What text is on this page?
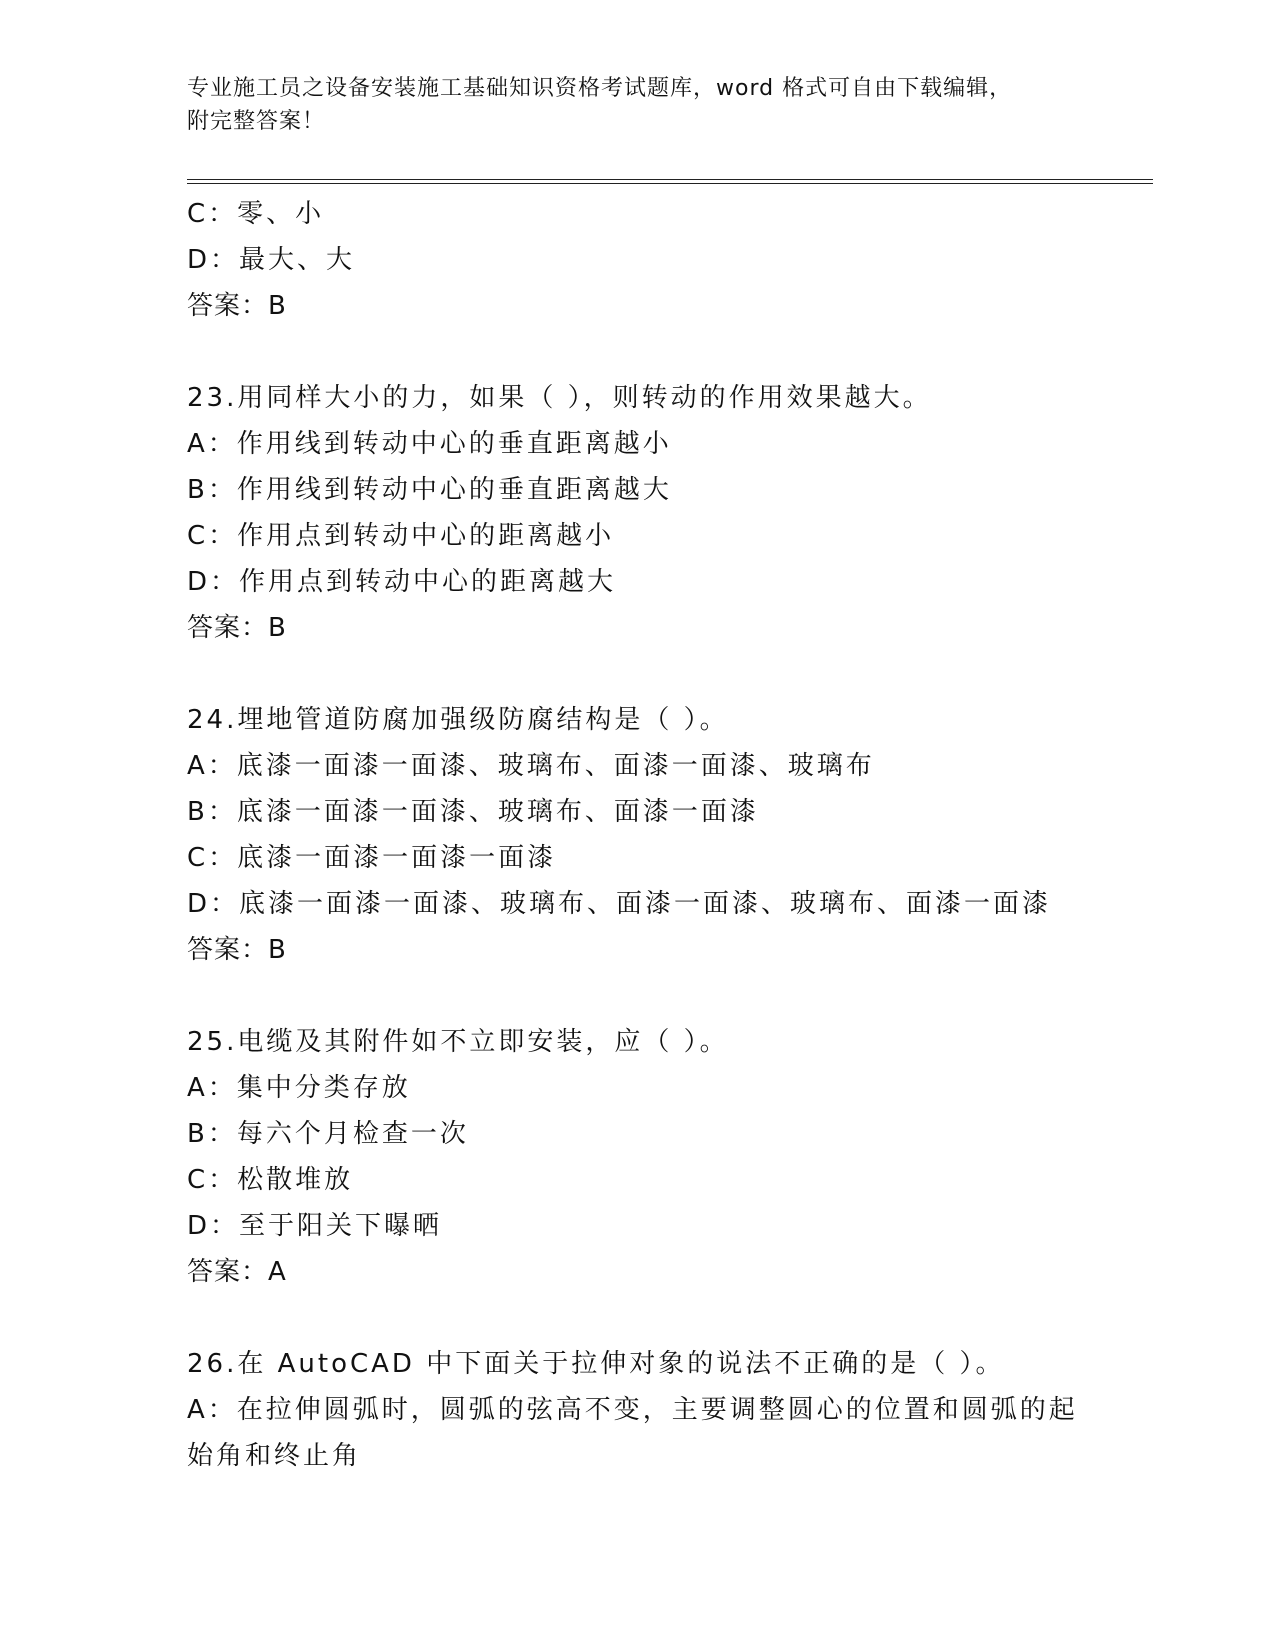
专业施工员之设备安装施工基础知识资格考试题库，word 格式可自由下载编辑，
附完整答案！
C：零、小
D：最大、大
答案：B
23.用同样大小的力，如果（ ），则转动的作用效果越大。
A：作用线到转动中心的垂直距离越小
B：作用线到转动中心的垂直距离越大
C：作用点到转动中心的距离越小
D：作用点到转动中心的距离越大
答案：B
24.埋地管道防腐加强级防腐结构是（ ）。
A：底漆一面漆一面漆、玻璃布、面漆一面漆、玻璃布
B：底漆一面漆一面漆、玻璃布、面漆一面漆
C：底漆一面漆一面漆一面漆
D：底漆一面漆一面漆、玻璃布、面漆一面漆、玻璃布、面漆一面漆
答案：B
25.电缆及其附件如不立即安装，应（ ）。
A：集中分类存放
B：每六个月检查一次
C：松散堆放
D：至于阳关下曝晒
答案：A
26.在 AutoCAD 中下面关于拉伸对象的说法不正确的是（ ）。
A：在拉伸圆弧时，圆弧的弦高不变，主要调整圆心的位置和圆弧的起
始角和终止角
